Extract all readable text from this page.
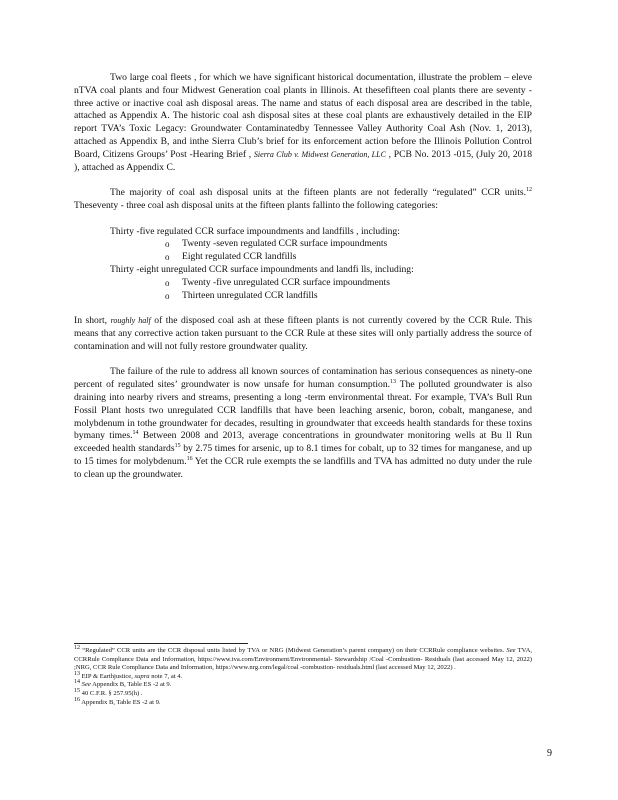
Two large coal fleets , for which we have significant historical documentation, illustrate the problem – eleve nTVA coal plants and four Midwest Generation coal plants in Illinois. At thesefifteen coal plants there are seventy - three active or inactive coal ash disposal areas. The name and status of each disposal area are described in the table, attached as Appendix A. The historic coal ash disposal sites at these coal plants are exhaustively detailed in the EIP report TVA’s Toxic Legacy: Groundwater Contaminatedby Tennessee Valley Authority Coal Ash (Nov. 1, 2013), attached as Appendix B, and inthe Sierra Club’s brief for its enforcement action before the Illinois Pollution Control Board, Citizens Groups’ Post -Hearing Brief , Sierra Club v. Midwest Generation, LLC , PCB No. 2013 -015, (July 20, 2018 ), attached as Appendix C.

The majority of coal ash disposal units at the fifteen plants are not federally “regulated” CCR units.$^{12}$ Theseventy - three coal ash disposal units at the fifteen plants fallinto the following categories:

Thirty -five regulated CCR surface impoundments and landfills , including:
o Twenty -seven regulated CCR surface impoundments
o Eight regulated CCR landfills
Thirty -eight unregulated CCR surface impoundments and landfi lls, including:
o Twenty -five unregulated CCR surface impoundments
o Thirteen unregulated CCR landfills

In short, roughly half of the disposed coal ash at these fifteen plants is not currently covered by the CCR Rule. This means that any corrective action taken pursuant to the CCR Rule at these sites will only partially address the source of contamination and will not fully restore groundwater quality.

The failure of the rule to address all known sources of contamination has serious consequences as ninety-one percent of regulated sites’ groundwater is now unsafe for human consumption.$^{13}$ The polluted groundwater is also draining into nearby rivers and streams, presenting a long -term environmental threat. For example, TVA’s Bull Run Fossil Plant hosts two unregulated CCR landfills that have been leaching arsenic, boron, cobalt, manganese, and molybdenum in tothe groundwater for decades, resulting in groundwater that exceeds health standards for these toxins bymany times.$^{14}$ Between 2008 and 2013, average concentrations in groundwater monitoring wells at Bu ll Run exceeded health standards$^{15}$ by 2.75 times for arsenic, up to 8.1 times for cobalt, up to 32 times for manganese, and up to 15 times for molybdenum.$^{16}$ Yet the CCR rule exempts the se landfills and TVA has admitted no duty under the rule to clean up the groundwater.

12 “Regulated” CCR units are the CCR disposal units listed by TVA or NRG (Midwest Generation’s parent company) on their CCRRule compliance websites. See TVA, CCRRule Compliance Data and Information, https://www.tva.com/Environment/Environmental- Stewardship /Coal -Combustion- Residuals (last accessed May 12, 2022) ;NRG, CCR Rule Compliance Data and Information, https://www.nrg.com/legal/coal -combustion- residuals.html (last accessed May 12, 2022) .

13 EIP & Earthjustice, supra note 7, at 4.

14 See Appendix B, Table ES -2 at 9.

15 40 C.F.R. § 257.95(h) .

16 Appendix B, Table ES -2 at 9.

9
